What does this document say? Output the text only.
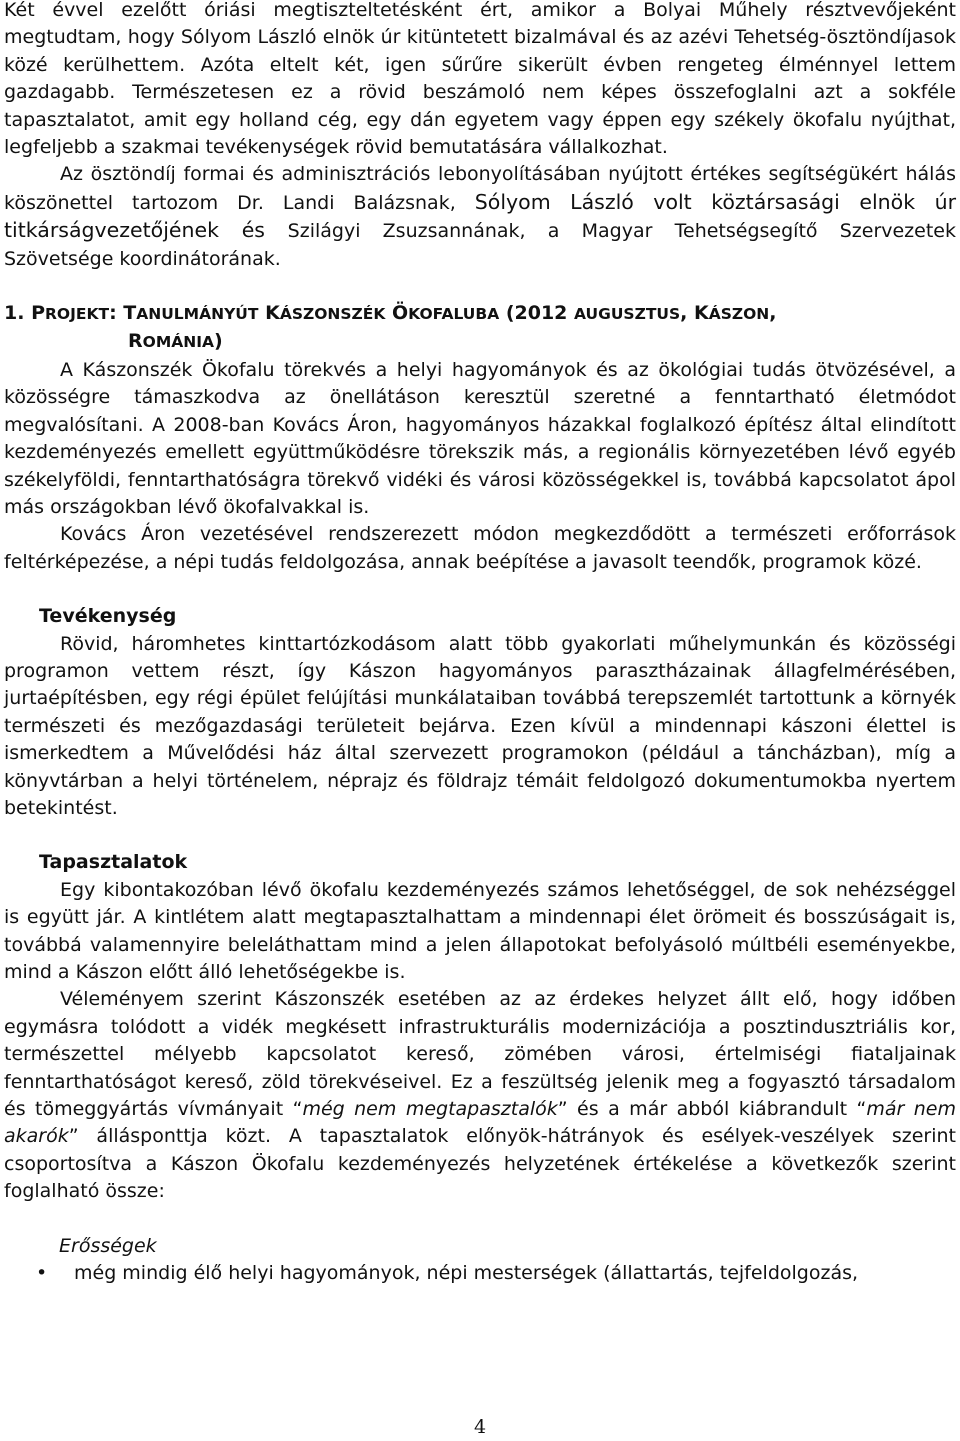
Két évvel ezelőtt óriási megtiszteltetésként ért, amikor a Bolyai Műhely résztvevőjeként megtudtam, hogy Sólyom László elnök úr kitüntetett bizalmával és az azévi Tehetség-ösztöndíjasok közé kerülhettem. Azóta eltelt két, igen sűrűre sikerült évben rengeteg élménnyel lettem gazdagabb. Természetesen ez a rövid beszámoló nem képes összefoglalni azt a sokféle tapasztalatot, amit egy holland cég, egy dán egyetem vagy éppen egy székely ökofalu nyújthat, legfeljebb a szakmai tevékenységek rövid bemutatására vállalkozhat.

Az ösztöndíj formai és adminisztrációs lebonyolításában nyújtott értékes segítségükért hálás köszönettel tartozom Dr. Landi Balázsnak, Sólyom László volt köztársasági elnök úr titkárságvezetőjének és Szilágyi Zsuzsannának, a Magyar Tehetségsegítő Szervezetek Szövetsége koordinátorának.

1. PROJEKT: TANULMÁNYÚT KÁSZONSZÉK ÖKOFALUBA (2012 AUGUSZTUS, KÁSZON,
ROMÁNIA)

A Kászonszék Ökofalu törekvés a helyi hagyományok és az ökológiai tudás ötvözésével, a közösségre támaszkodva az önellátáson keresztül szeretné a fenntartható életmódot megvalósítani. A 2008-ban Kovács Áron, hagyományos házakkal foglalkozó építész által elindított kezdeményezés emellett együttműködésre törekszik más, a regionális környezetében lévő egyéb székelyföldi, fenntarthatóságra törekvő vidéki és városi közösségekkel is, továbbá kapcsolatot ápol más országokban lévő ökofalvakkal is.

Kovács Áron vezetésével rendszerezett módon megkezdődött a természeti erőforrások feltérképezése, a népi tudás feldolgozása, annak beépítése a javasolt teendők, programok közé.

Tevékenység

Rövid, háromhetes kinttartózkodásom alatt több gyakorlati műhelymunkán és közösségi programon vettem részt, így Kászon hagyományos parasztházainak állagfelmérésében, jurtaépítésben, egy régi épület felújítási munkálataiban továbbá terepszemlét tartottunk a környék természeti és mezőgazdasági területeit bejárva. Ezen kívül a mindennapi kászoni élettel is ismerkedtem a Művelődési ház által szervezett programokon (például a táncházban), míg a könyvtárban a helyi történelem, néprajz és földrajz témáit feldolgozó dokumentumokba nyertem betekintést.

Tapasztalatok

Egy kibontakozóban lévő ökofalu kezdeményezés számos lehetőséggel, de sok nehézséggel is együtt jár. A kintlétem alatt megtapasztalhattam a mindennapi élet örömeit és bosszúságait is, továbbá valamennyire beleláthattam mind a jelen állapotokat befolyásoló múltbéli eseményekbe, mind a Kászon előtt álló lehetőségekbe is.

Véleményem szerint Kászonszék esetében az az érdekes helyzet állt elő, hogy időben egymásra tolódott a vidék megkésett infrastrukturális modernizációja a posztindusztriális kor, természettel mélyebb kapcsolatot kereső, zömében városi, értelmiségi fiataljainak fenntarthatóságot kereső, zöld törekvéseivel. Ez a feszültség jelenik meg a fogyasztó társadalom és tömeggyártás vívmányait “még nem megtapasztalók” és a már abból kiábrandult “már nem akarók” állásponttja közt. A tapasztalatok előnyök-hátrányok és esélyek-veszélyek szerint csoportosítva a Kászon Ökofalu kezdeményezés helyzetének értékelése a következők szerint foglalható össze:

Erősségek

• még mindig élő helyi hagyományok, népi mesterségek (állattartás, tejfeldolgozás,
4
